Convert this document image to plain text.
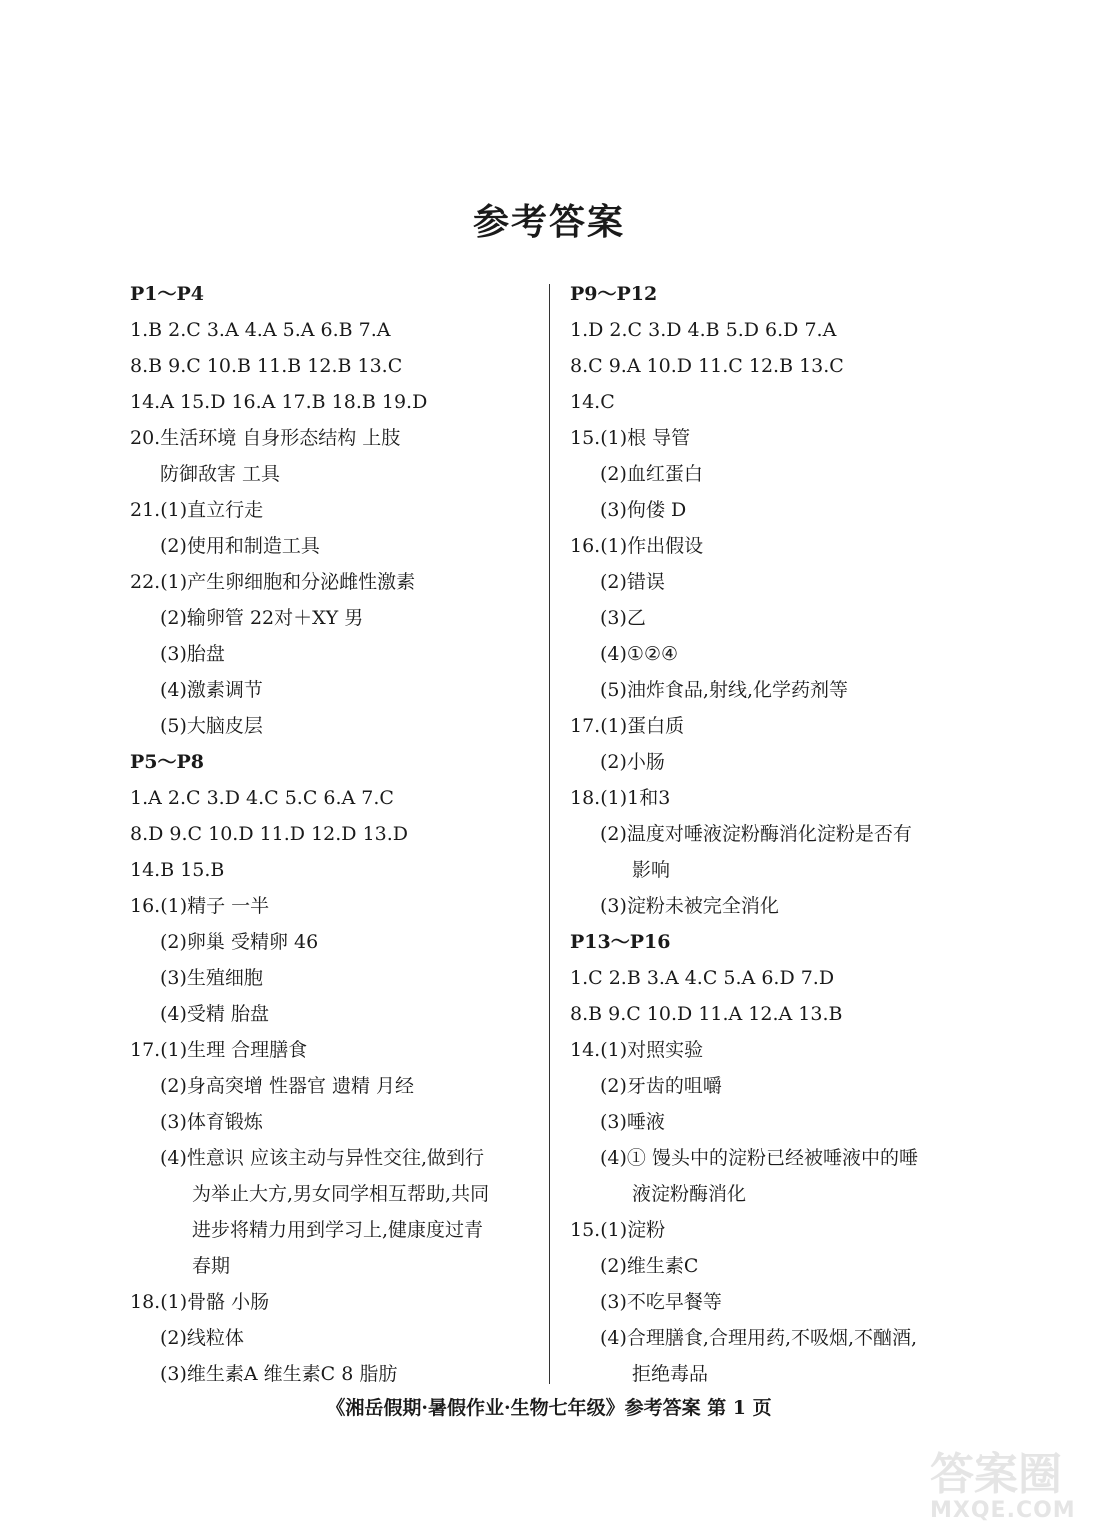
参考答案
P1～P4
1.B 2.C 3.A 4.A 5.A 6.B 7.A
8.B 9.C 10.B 11.B 12.B 13.C
14.A 15.D 16.A 17.B 18.B 19.D
20.生活环境 自身形态结构 上肢
防御敌害 工具
21.(1)直立行走
(2)使用和制造工具
22.(1)产生卵细胞和分泌雌性激素
(2)输卵管 22对＋XY 男
(3)胎盘
(4)激素调节
(5)大脑皮层
P5～P8
1.A 2.C 3.D 4.C 5.C 6.A 7.C
8.D 9.C 10.D 11.D 12.D 13.D
14.B 15.B
16.(1)精子 一半
(2)卵巢 受精卵 46
(3)生殖细胞
(4)受精 胎盘
17.(1)生理 合理膳食
(2)身高突增 性器官 遗精 月经
(3)体育锻炼
(4)性意识 应该主动与异性交往,做到行
为举止大方,男女同学相互帮助,共同
进步将精力用到学习上,健康度过青
春期
18.(1)骨骼 小肠
(2)线粒体
(3)维生素A 维生素C 8 脂肪
P9～P12
1.D 2.C 3.D 4.B 5.D 6.D 7.A
8.C 9.A 10.D 11.C 12.B 13.C
14.C
15.(1)根 导管
(2)血红蛋白
(3)佝偻 D
16.(1)作出假设
(2)错误
(3)乙
(4)①②④
(5)油炸食品,射线,化学药剂等
17.(1)蛋白质
(2)小肠
18.(1)1和3
(2)温度对唾液淀粉酶消化淀粉是否有
影响
(3)淀粉未被完全消化
P13～P16
1.C 2.B 3.A 4.C 5.A 6.D 7.D
8.B 9.C 10.D 11.A 12.A 13.B
14.(1)对照实验
(2)牙齿的咀嚼
(3)唾液
(4)① 馒头中的淀粉已经被唾液中的唾
液淀粉酶消化
15.(1)淀粉
(2)维生素C
(3)不吃早餐等
(4)合理膳食,合理用药,不吸烟,不酗酒,
拒绝毒品
《湘岳假期·暑假作业·生物七年级》参考答案 第 1 页
答案圈
MXQE.COM
